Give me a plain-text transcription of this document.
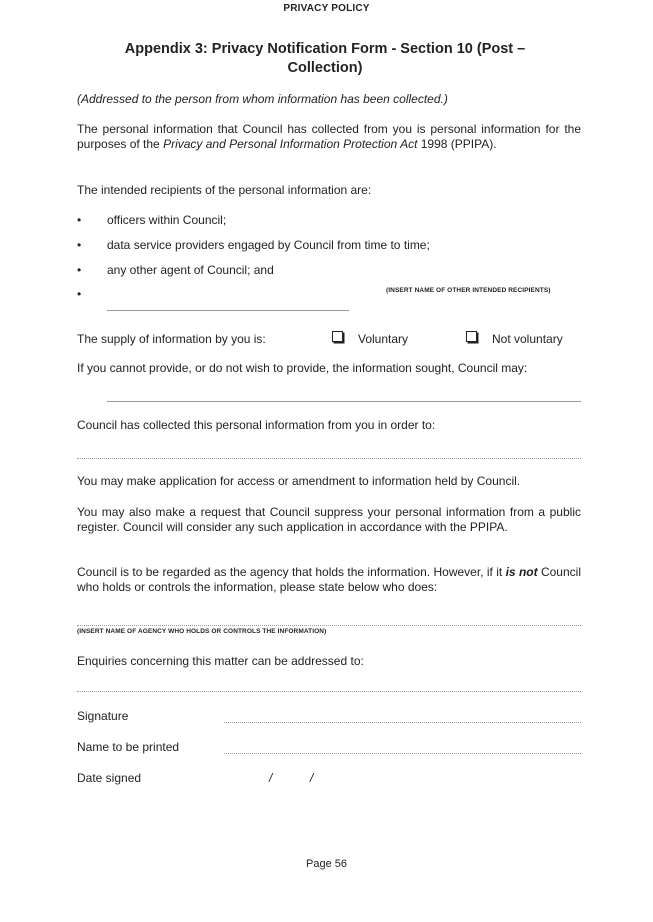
PRIVACY POLICY
Appendix 3: Privacy Notification Form - Section 10 (Post – Collection)
(Addressed to the person from whom information has been collected.)
The personal information that Council has collected from you is personal information for the purposes of the Privacy and Personal Information Protection Act 1998 (PPIPA).
The intended recipients of the personal information are:
• officers within Council;
• data service providers engaged by Council from time to time;
• any other agent of Council; and
•	(INSERT NAME OF OTHER INTENDED RECIPIENTS)
The supply of information by you is:	Voluntary	Not voluntary
If you cannot provide, or do not wish to provide, the information sought, Council may:
Council has collected this personal information from you in order to:
You may make application for access or amendment to information held by Council.
You may also make a request that Council suppress your personal information from a public register. Council will consider any such application in accordance with the PPIPA.
Council is to be regarded as the agency that holds the information. However, if it is not Council who holds or controls the information, please state below who does:
(INSERT NAME OF AGENCY WHO HOLDS OR CONTROLS THE INFORMATION)
Enquiries concerning this matter can be addressed to:
Signature
Name to be printed
Date signed	/	/
Page 56
